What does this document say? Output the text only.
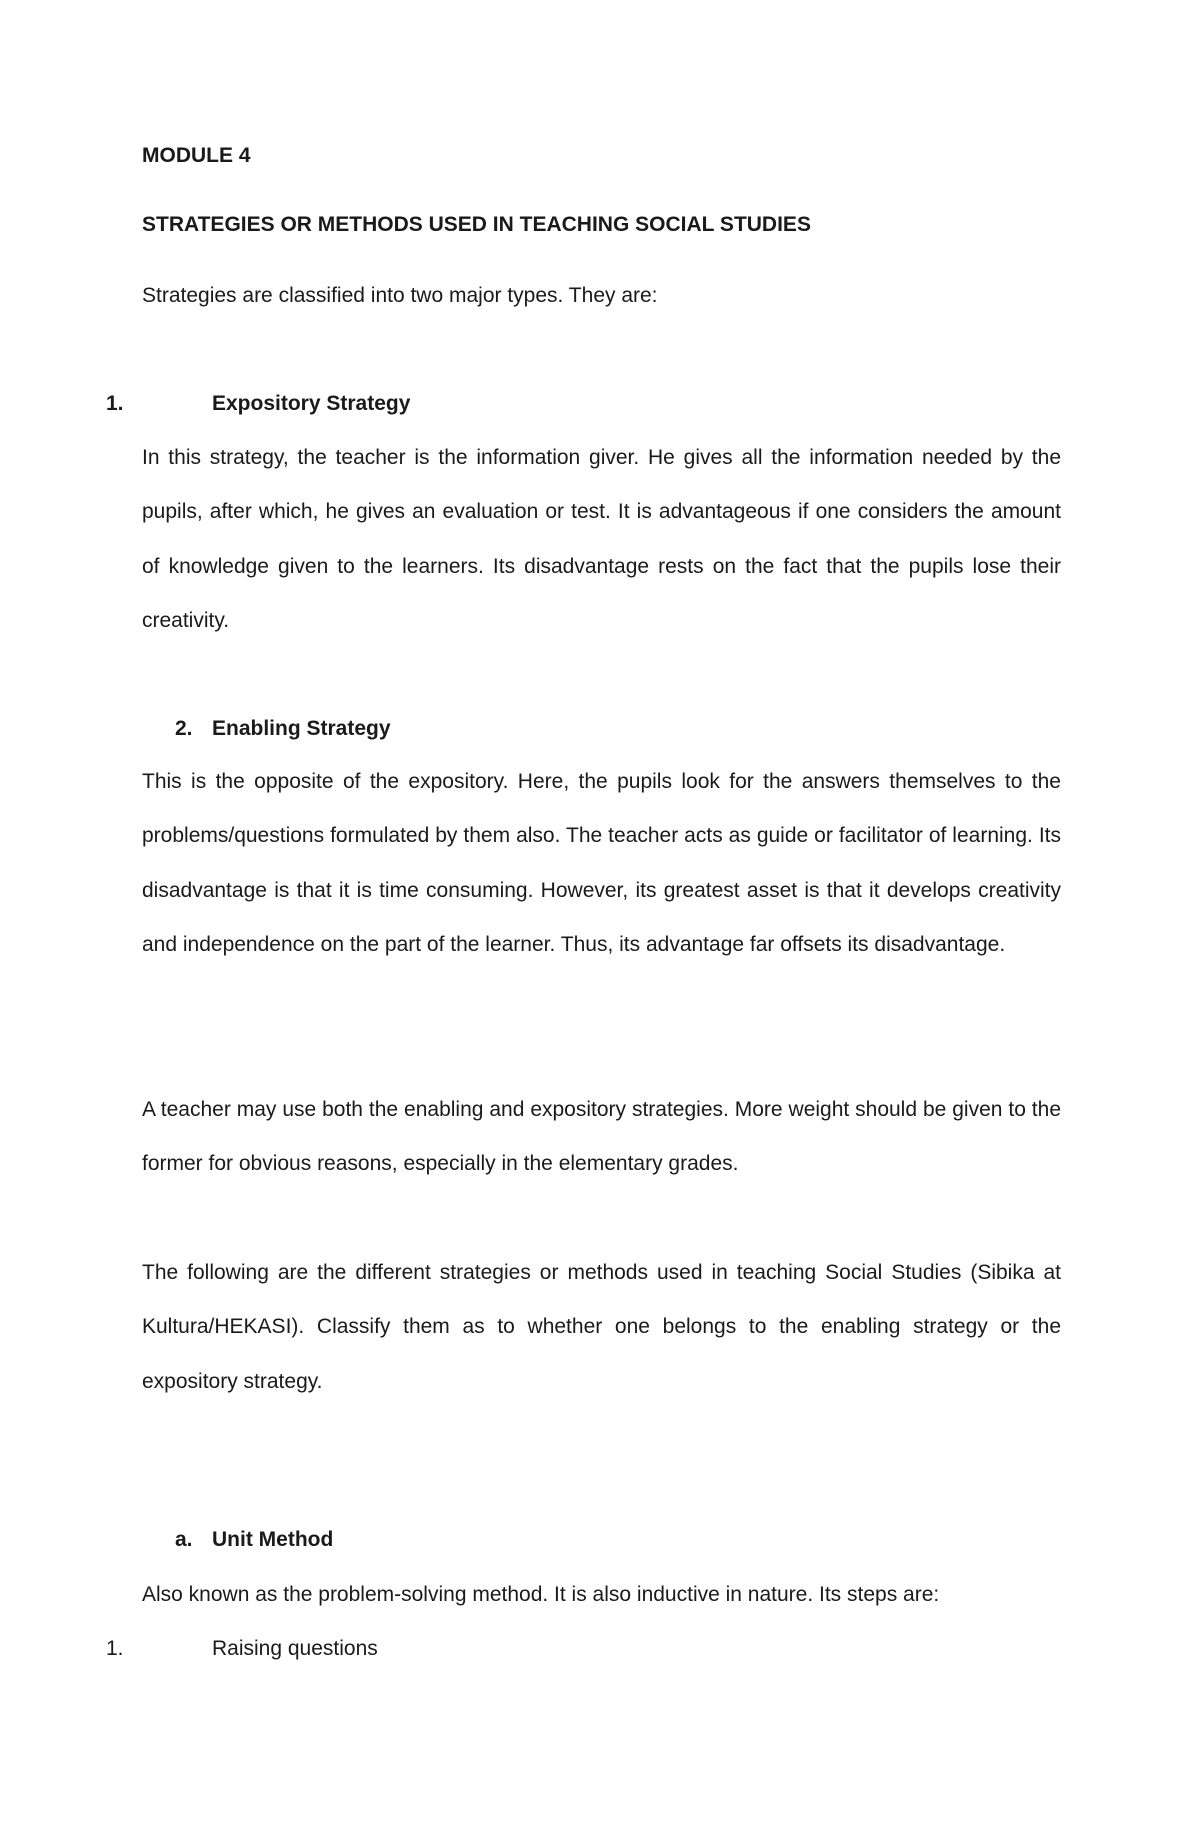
MODULE 4
STRATEGIES OR METHODS USED IN TEACHING SOCIAL STUDIES
Strategies are classified into two major types. They are:
1.	Expository Strategy

In this strategy, the teacher is the information giver. He gives all the information needed by the pupils, after which, he gives an evaluation or test. It is advantageous if one considers the amount of knowledge given to the learners. Its disadvantage rests on the fact that the pupils lose their creativity.

2. Enabling Strategy

This is the opposite of the expository. Here, the pupils look for the answers themselves to the problems/questions formulated by them also. The teacher acts as guide or facilitator of learning. Its disadvantage is that it is time consuming. However, its greatest asset is that it develops creativity and independence on the part of the learner. Thus, its advantage far offsets its disadvantage.

A teacher may use both the enabling and expository strategies. More weight should be given to the former for obvious reasons, especially in the elementary grades.

The following are the different strategies or methods used in teaching Social Studies (Sibika at Kultura/HEKASI). Classify them as to whether one belongs to the enabling strategy or the expository strategy.

a. Unit Method
Also known as the problem-solving method. It is also inductive in nature. Its steps are:
1.	Raising questions
